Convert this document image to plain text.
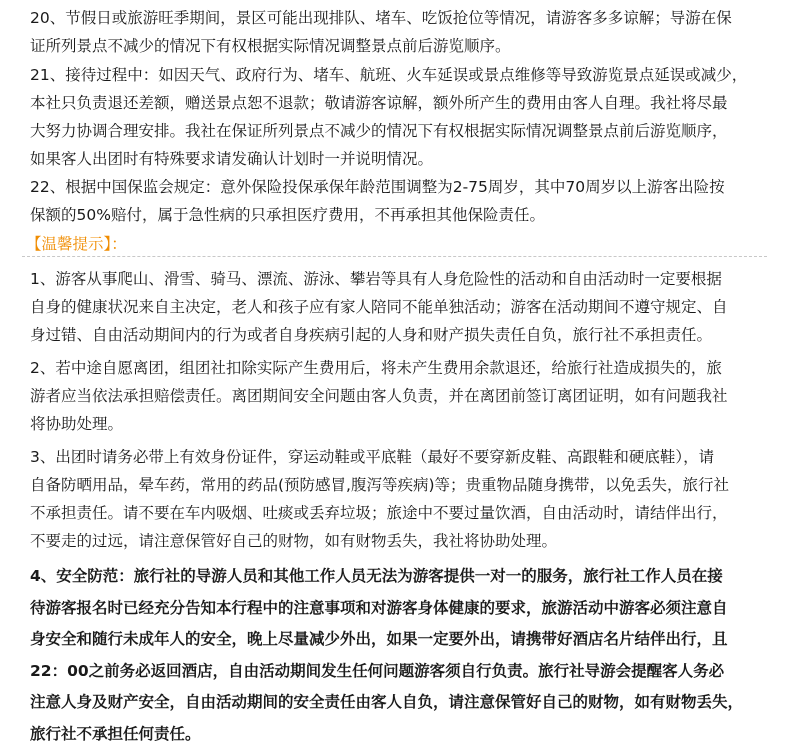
20、节假日或旅游旺季期间，景区可能出现排队、堵车、吃饭抢位等情况，请游客多多谅解；导游在保
证所列景点不减少的情况下有权根据实际情况调整景点前后游览顺序。
21、接待过程中：如因天气、政府行为、堵车、航班、火车延误或景点维修等导致游览景点延误或减少，
本社只负责退还差额，赠送景点恕不退款；敬请游客谅解，额外所产生的费用由客人自理。我社将尽最
大努力协调合理安排。我社在保证所列景点不减少的情况下有权根据实际情况调整景点前后游览顺序，
如果客人出团时有特殊要求请发确认计划时一并说明情况。
22、根据中国保监会规定：意外保险投保承保年龄范围调整为2-75周岁，其中70周岁以上游客出险按
保额的50%赔付，属于急性病的只承担医疗费用，不再承担其他保险责任。
【温馨提示】：
1、游客从事爬山、滑雪、骑马、漂流、游泳、攀岩等具有人身危险性的活动和自由活动时一定要根据
自身的健康状况来自主决定，老人和孩子应有家人陪同不能单独活动；游客在活动期间不遵守规定、自
身过错、自由活动期间内的行为或者自身疾病引起的人身和财产损失责任自负，旅行社不承担责任。
2、若中途自愿离团，组团社扣除实际产生费用后，将未产生费用余款退还，给旅行社造成损失的，旅
游者应当依法承担赔偿责任。离团期间安全问题由客人负责，并在离团前签订离团证明，如有问题我社
将协助处理。
3、出团时请务必带上有效身份证件，穿运动鞋或平底鞋（最好不要穿新皮鞋、高跟鞋和硬底鞋），请
自备防晒用品，晕车药，常用的药品(预防感冒,腹泻等疾病)等；贵重物品随身携带，以免丢失，旅行社
不承担责任。请不要在车内吸烟、吐痰或丢弃垃圾；旅途中不要过量饮酒，自由活动时，请结伴出行，
不要走的过远，请注意保管好自己的财物，如有财物丢失，我社将协助处理。
4、安全防范：旅行社的导游人员和其他工作人员无法为游客提供一对一的服务，旅行社工作人员在接
待游客报名时已经充分告知本行程中的注意事项和对游客身体健康的要求，旅游活动中游客必须注意自
身安全和随行未成年人的安全，晚上尽量减少外出，如果一定要外出，请携带好酒店名片结伴出行，且
22：00之前务必返回酒店，自由活动期间发生任何问题游客须自行负责。旅行社导游会提醒客人务必
注意人身及财产安全，自由活动期间的安全责任由客人自负，请注意保管好自己的财物，如有财物丢失，
旅行社不承担任何责任。
